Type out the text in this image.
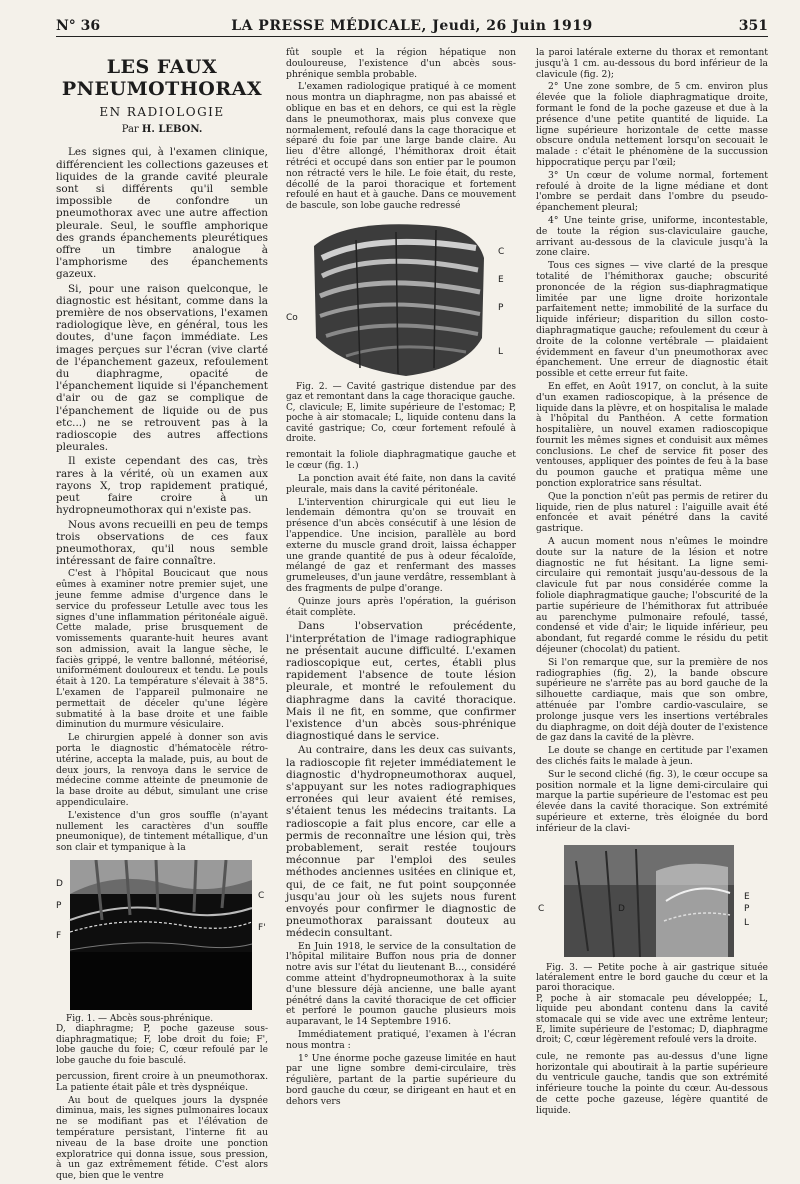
N° 36	LA PRESSE MÉDICALE, Jeudi, 26 Juin 1919	351
LES FAUX PNEUMOTHORAX
EN RADIOLOGIE
Par H. LEBON.

Les signes qui, à l'examen clinique, différencient les collections gazeuses et liquides de la grande cavité pleurale sont si différents qu'il semble impossible de confondre un pneumothorax avec une autre affection pleurale. Seul, le souffle amphorique des grands épanchements pleurétiques offre un timbre analogue à l'amphorisme des épanchements gazeux.

Si, pour une raison quelconque, le diagnostic est hésitant, comme dans la première de nos observations, l'examen radiologique lève, en général, tous les doutes, d'une façon immédiate. Les images perçues sur l'écran (vive clarté de l'épanchement gazeux, refoulement du diaphragme, opacité de l'épanchement liquide si l'épanchement d'air ou de gaz se complique de l'épanchement de liquide ou de pus etc...) ne se retrouvent pas à la radioscopie des autres affections pleurales.

Il existe cependant des cas, très rares à la vérité, où un examen aux rayons X, trop rapidement pratiqué, peut faire croire à un hydropneumothorax qui n'existe pas.

Nous avons recueilli en peu de temps trois observations de ces faux pneumothorax, qu'il nous semble intéressant de faire connaître.

C'est à l'hôpital Boucicaut que nous eûmes à examiner notre premier sujet, une jeune femme admise d'urgence dans le service du professeur Letulle avec tous les signes d'une inflammation péritonéale aiguë. Cette malade, prise brusquement de vomissements quarante-huit heures avant son admission, avait la langue sèche, le faciès grippé, le ventre ballonné, météorisé, uniformément douloureux et tendu. Le pouls était à 120. La température s'élevait à 38°5. L'examen de l'appareil pulmonaire ne permettait de déceler qu'une légère submatité à la base droite et une faible diminution du murmure vésiculaire.

Le chirurgien appelé à donner son avis porta le diagnostic d'hématocèle rétro-utérine, accepta la malade, puis, au bout de deux jours, la renvoya dans le service de médecine comme atteinte de pneumonie de la base droite au début, simulant une crise appendiculaire.

L'existence d'un gros souffle (n'ayant nullement les caractères d'un souffle pneumonique), de tintement métallique, d'un son clair et tympanique à la

D
P
F
C
F'
Fig. 1. — Abcès sous-phrénique.
D, diaphragme; P, poche gazeuse sous-diaphragmatique; F, lobe droit du foie; F', lobe gauche du foie; C, cœur refoulé par le lobe gauche du foie basculé.

percussion, firent croire à un pneumothorax. La patiente était pâle et très dyspnéique.

Au bout de quelques jours la dyspnée diminua, mais, les signes pulmonaires locaux ne se modifiant pas et l'élévation de température persistant, l'interne fit au niveau de la base droite une ponction exploratrice qui donna issue, sous pression, à un gaz extrêmement fétide. C'est alors que, bien que le ventre

fût souple et la région hépatique non douloureuse, l'existence d'un abcès sous-phrénique sembla probable.

L'examen radiologique pratiqué à ce moment nous montra un diaphragme, non pas abaissé et oblique en bas et en dehors, ce qui est la règle dans le pneumothorax, mais plus convexe que normalement, refoulé dans la cage thoracique et séparé du foie par une large bande claire. Au lieu d'être allongé, l'hémithorax droit était rétréci et occupé dans son entier par le poumon non rétracté vers le hile. Le foie était, du reste, décollé de la paroi thoracique et fortement refoulé en haut et à gauche. Dans ce mouvement de bascule, son lobe gauche redressé

C
E
P
L
Co
Fig. 2. — Cavité gastrique distendue par des gaz et remontant dans la cage thoracique gauche.
C, clavicule; E, limite supérieure de l'estomac; P, poche à air stomacale; L, liquide contenu dans la cavité gastrique; Co, cœur fortement refoulé à droite.

remontait la foliole diaphragmatique gauche et le cœur (fig. 1.)

La ponction avait été faite, non dans la cavité pleurale, mais dans la cavité péritonéale.

L'intervention chirurgicale qui eut lieu le lendemain démontra qu'on se trouvait en présence d'un abcès consécutif à une lésion de l'appendice. Une incision, parallèle au bord externe du muscle grand droit, laissa échapper une grande quantité de pus à odeur fécaloïde, mélangé de gaz et renfermant des masses grumeleuses, d'un jaune verdâtre, ressemblant à des fragments de pulpe d'orange.

Quinze jours après l'opération, la guérison était complète.

Dans l'observation précédente, l'interprétation de l'image radiographique ne présentait aucune difficulté. L'examen radioscopique eut, certes, établi plus rapidement l'absence de toute lésion pleurale, et montré le refoulement du diaphragme dans la cavité thoracique. Mais il ne fit, en somme, que confirmer l'existence d'un abcès sous-phrénique diagnostiqué dans le service.

Au contraire, dans les deux cas suivants, la radioscopie fit rejeter immédiatement le diagnostic d'hydropneumothorax auquel, s'appuyant sur les notes radiographiques erronées qui leur avaient été remises, s'étaient tenus les médecins traitants. La radioscopie a fait plus encore, car elle a permis de reconnaître une lésion qui, très probablement, serait restée toujours méconnue par l'emploi des seules méthodes anciennes usitées en clinique et, qui, de ce fait, ne fut point soupçonnée jusqu'au jour où les sujets nous furent envoyés pour confirmer le diagnostic de pneumothorax paraissant douteux au médecin consultant.

En Juin 1918, le service de la consultation de l'hôpital militaire Buffon nous pria de donner notre avis sur l'état du lieutenant B..., considéré comme atteint d'hydropneumothorax à la suite d'une blessure déjà ancienne, une balle ayant pénétré dans la cavité thoracique de cet officier et perforé le poumon gauche plusieurs mois auparavant, le 14 Septembre 1916.

Immédiatement pratiqué, l'examen à l'écran nous montra :

1° Une énorme poche gazeuse limitée en haut par une ligne sombre demi-circulaire, très régulière, partant de la partie supérieure du bord gauche du cœur, se dirigeant en haut et en dehors vers

la paroi latérale externe du thorax et remontant jusqu'à 1 cm. au-dessous du bord inférieur de la clavicule (fig. 2);

2° Une zone sombre, de 5 cm. environ plus élevée que la foliole diaphragmatique droite, formant le fond de la poche gazeuse et due à la présence d'une petite quantité de liquide. La ligne supérieure horizontale de cette masse obscure ondula nettement lorsqu'on secouait le malade : c'était le phénomène de la succussion hippocratique perçu par l'œil;

3° Un cœur de volume normal, fortement refoulé à droite de la ligne médiane et dont l'ombre se perdait dans l'ombre du pseudo-épanchement pleural;

4° Une teinte grise, uniforme, incontestable, de toute la région sus-claviculaire gauche, arrivant au-dessous de la clavicule jusqu'à la zone claire.

Tous ces signes — vive clarté de la presque totalité de l'hémithorax gauche; obscurité prononcée de la région sus-diaphragmatique limitée par une ligne droite horizontale parfaitement nette; immobilité de la surface du liquide inférieur; disparition du sillon costo-diaphragmatique gauche; refoulement du cœur à droite de la colonne vertébrale — plaidaient évidemment en faveur d'un pneumothorax avec épanchement. Une erreur de diagnostic était possible et cette erreur fut faite.

En effet, en Août 1917, on conclut, à la suite d'un examen radioscopique, à la présence de liquide dans la plèvre, et on hospitalisa le malade à l'hôpital du Panthéon. A cette formation hospitalière, un nouvel examen radioscopique fournit les mêmes signes et conduisit aux mêmes conclusions. Le chef de service fit poser des ventouses, appliquer des pointes de feu à la base du poumon gauche et pratiqua même une ponction exploratrice sans résultat.

Que la ponction n'eût pas permis de retirer du liquide, rien de plus naturel : l'aiguille avait été enfoncée et avait pénétré dans la cavité gastrique.

A aucun moment nous n'eûmes le moindre doute sur la nature de la lésion et notre diagnostic ne fut hésitant. La ligne semi-circulaire qui remontait jusqu'au-dessous de la clavicule fut par nous considérée comme la foliole diaphragmatique gauche; l'obscurité de la partie supérieure de l'hémithorax fut attribuée au parenchyme pulmonaire refoulé, tassé, condensé et vide d'air; le liquide inférieur, peu abondant, fut regardé comme le résidu du petit déjeuner (chocolat) du patient.

Si l'on remarque que, sur la première de nos radiographies (fig. 2), la bande obscure supérieure ne s'arrête pas au bord gauche de la silhouette cardiaque, mais que son ombre, atténuée par l'ombre cardio-vasculaire, se prolonge jusque vers les insertions vertébrales du diaphragme, on doit déjà douter de l'existence de gaz dans la cavité de la plèvre.

Le doute se change en certitude par l'examen des clichés faits le malade à jeun.

Sur le second cliché (fig. 3), le cœur occupe sa position normale et la ligne demi-circulaire qui marque la partie supérieure de l'estomac est peu élevée dans la cavité thoracique. Son extrémité supérieure et externe, très éloignée du bord inférieur de la clavi-

E
P
L
C	D
Fig. 3. — Petite poche à air gastrique située latéralement entre le bord gauche du cœur et la paroi thoracique.
P, poche à air stomacale peu développée; L, liquide peu abondant contenu dans la cavité stomacale qui se vide avec une extrême lenteur; E, limite supérieure de l'estomac; D, diaphragme droit; C, cœur légèrement refoulé vers la droite.

cule, ne remonte pas au-dessus d'une ligne horizontale qui aboutirait à la partie supérieure du ventricule gauche, tandis que son extrémité inférieure touche la pointe du cœur. Au-dessous de cette poche gazeuse, légère quantité de liquide.
